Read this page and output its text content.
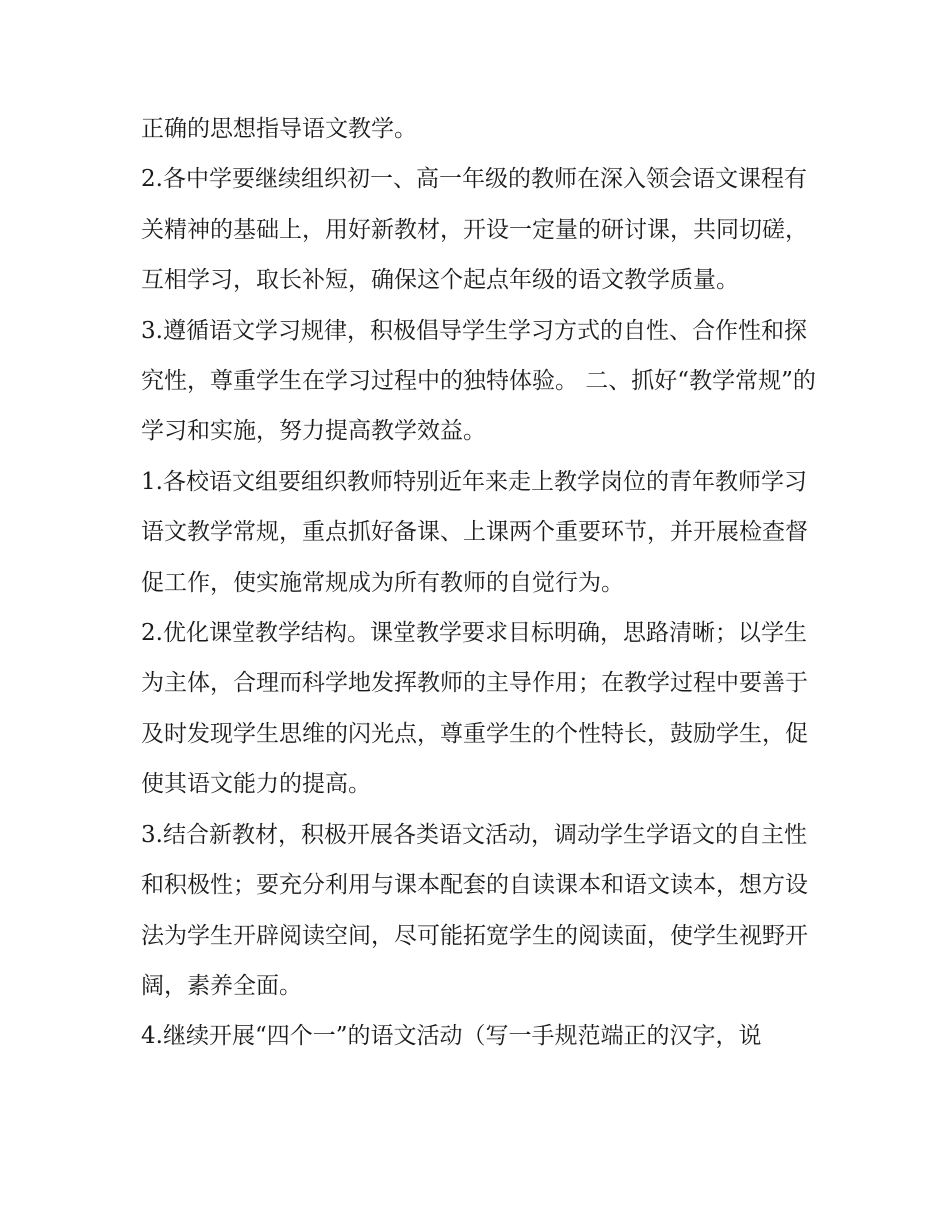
正确的思想指导语文教学。

2.各中学要继续组织初一、高一年级的教师在深入领会语文课程有关精神的基础上，用好新教材，开设一定量的研讨课，共同切磋，互相学习，取长补短，确保这个起点年级的语文教学质量。

3.遵循语文学习规律，积极倡导学生学习方式的自性、合作性和探究性，尊重学生在学习过程中的独特体验。 二、抓好“教学常规”的学习和实施，努力提高教学效益。

1.各校语文组要组织教师特别近年来走上教学岗位的青年教师学习语文教学常规，重点抓好备课、上课两个重要环节，并开展检查督促工作，使实施常规成为所有教师的自觉行为。

2.优化课堂教学结构。课堂教学要求目标明确，思路清晰；以学生为主体，合理而科学地发挥教师的主导作用；在教学过程中要善于及时发现学生思维的闪光点，尊重学生的个性特长，鼓励学生，促使其语文能力的提高。

3.结合新教材，积极开展各类语文活动，调动学生学语文的自主性和积极性；要充分利用与课本配套的自读课本和语文读本，想方设法为学生开辟阅读空间，尽可能拓宽学生的阅读面，使学生视野开阔，素养全面。

4.继续开展“四个一”的语文活动（写一手规范端正的汉字，说
